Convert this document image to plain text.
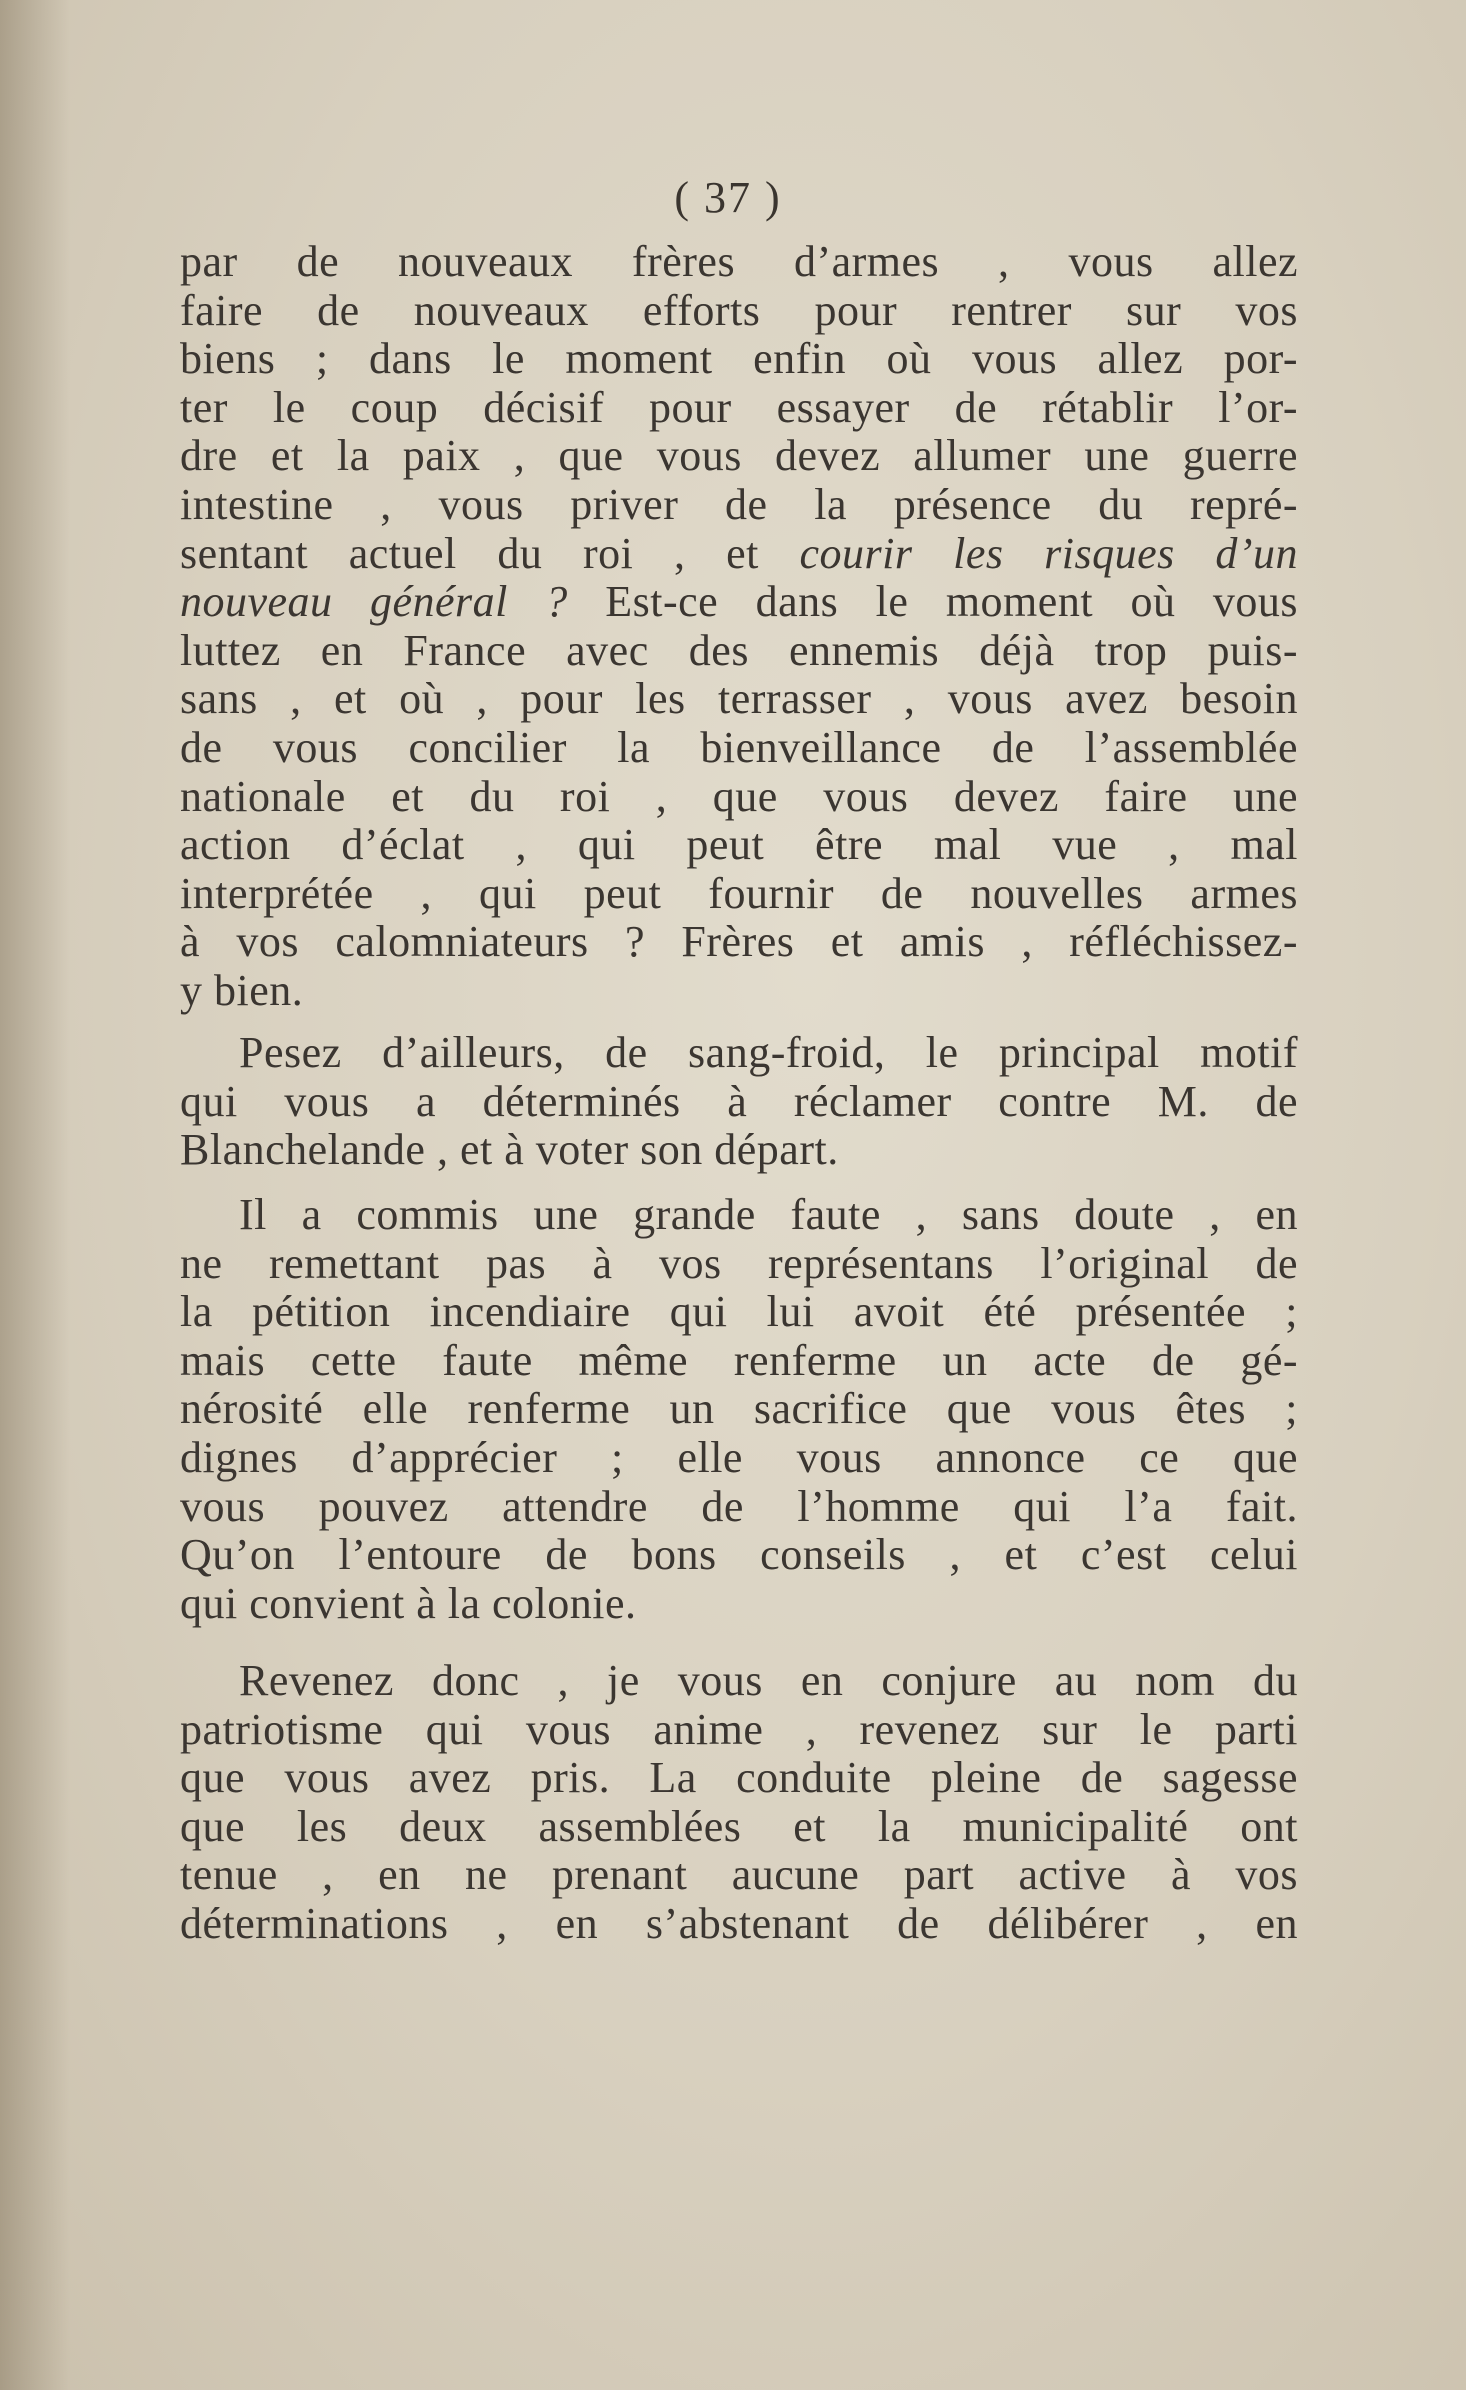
( 37 )
par de nouveaux frères d’armes , vous allez
faire de nouveaux efforts pour rentrer sur vos
biens ; dans le moment enfin où vous allez por-
ter le coup décisif pour essayer de rétablir l’or-
dre et la paix , que vous devez allumer une guerre
intestine , vous priver de la présence du repré-
sentant actuel du roi , et courir les risques d’un
nouveau général ? Est-ce dans le moment où vous
luttez en France avec des ennemis déjà trop puis-
sans , et où , pour les terrasser , vous avez besoin
de vous concilier la bienveillance de l’assemblée
nationale et du roi , que vous devez faire une
action d’éclat , qui peut être mal vue , mal
interprétée , qui peut fournir de nouvelles armes
à vos calomniateurs ? Frères et amis , réfléchissez-
y bien.
Pesez d’ailleurs, de sang-froid, le principal motif
qui vous a déterminés à réclamer contre M. de
Blanchelande , et à voter son départ.
Il a commis une grande faute , sans doute , en
ne remettant pas à vos représentans l’original de
la pétition incendiaire qui lui avoit été présentée ;
mais cette faute même renferme un acte de gé-
nérosité elle renferme un sacrifice que vous êtes ;
dignes d’apprécier ; elle vous annonce ce que
vous pouvez attendre de l’homme qui l’a fait.
Qu’on l’entoure de bons conseils , et c’est celui
qui convient à la colonie.
Revenez donc , je vous en conjure au nom du
patriotisme qui vous anime , revenez sur le parti
que vous avez pris. La conduite pleine de sagesse
que les deux assemblées et la municipalité ont
tenue , en ne prenant aucune part active à vos
déterminations , en s’abstenant de délibérer , en
